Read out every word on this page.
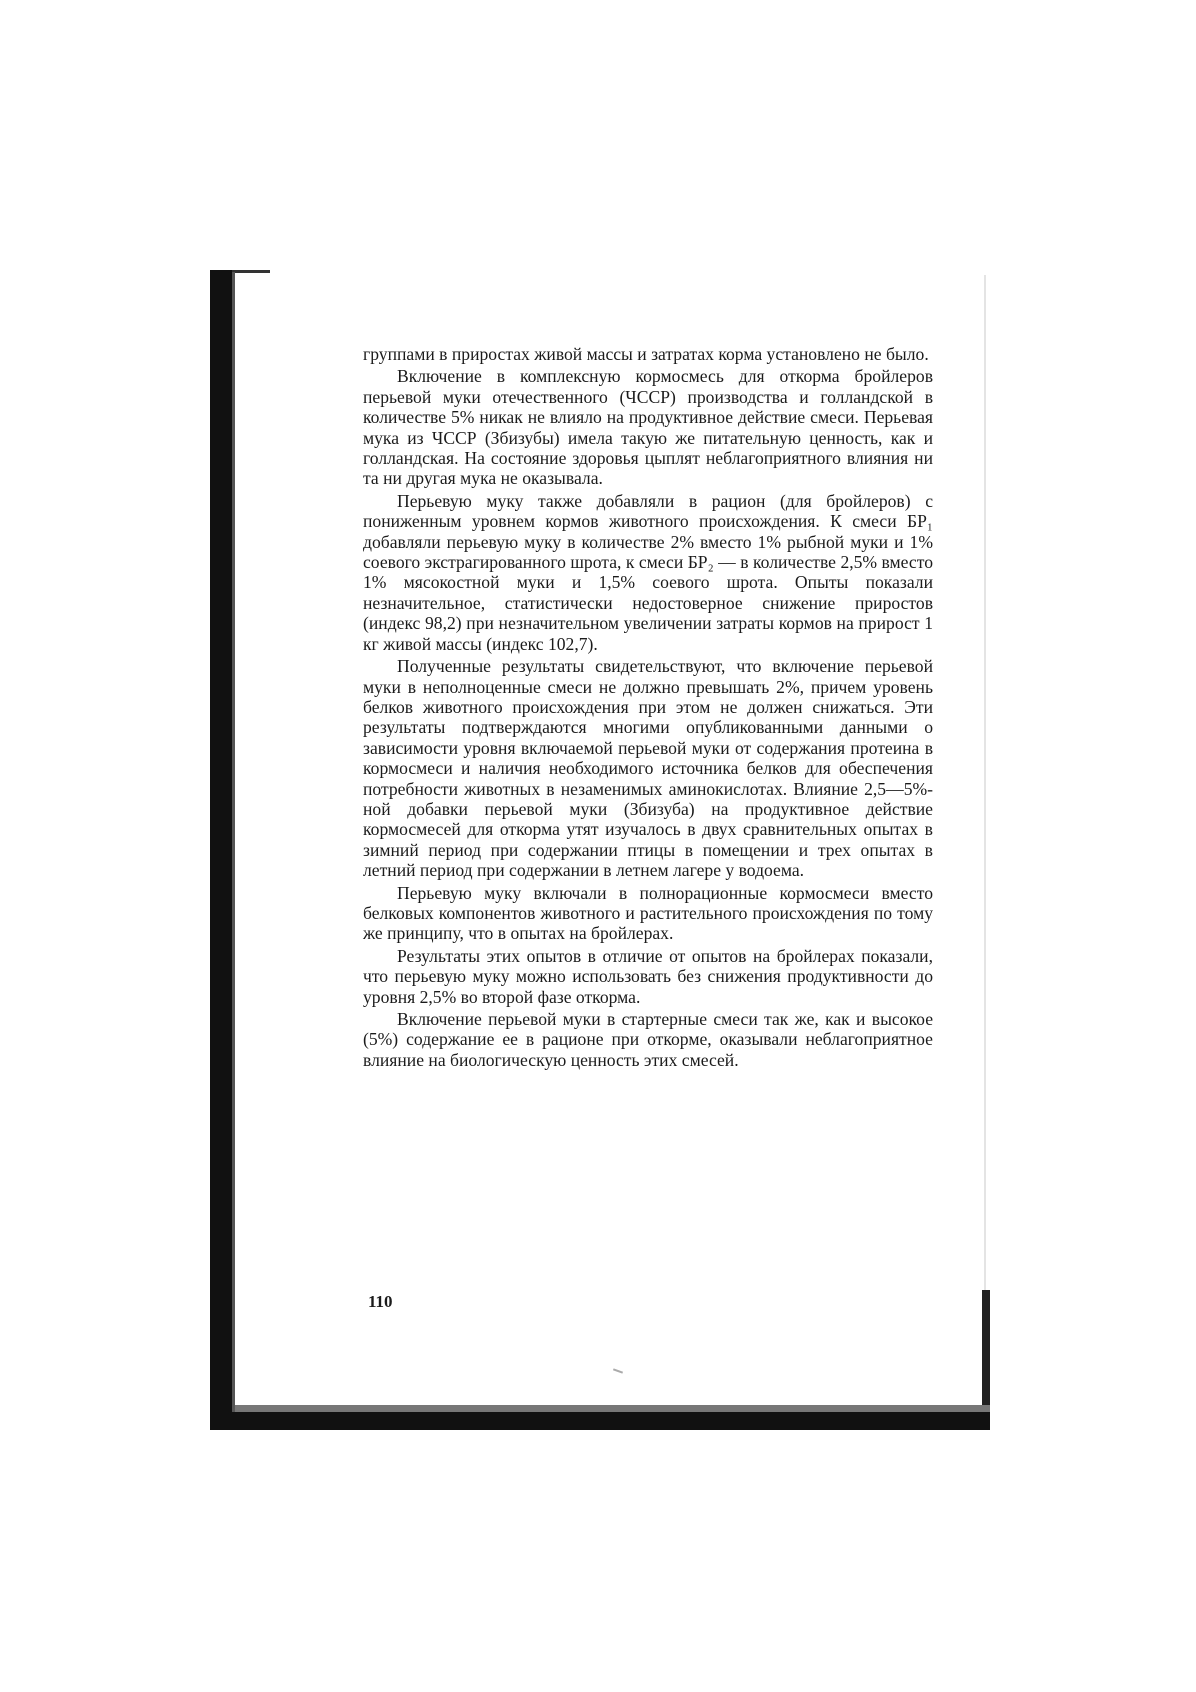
группами в приростах живой массы и затратах корма установлено не было.

Включение в комплексную кормосмесь для откорма бройлеров перьевой муки отечественного (ЧССР) производства и голландской в количестве 5% никак не влияло на продуктивное действие смеси. Перьевая мука из ЧССР (Збизубы) имела такую же питательную ценность, как и голландская. На состояние здоровья цыплят неблагоприятного влияния ни та ни другая мука не оказывала.

Перьевую муку также добавляли в рацион (для бройлеров) с пониженным уровнем кормов животного происхождения. К смеси БР₁ добавляли перьевую муку в количестве 2% вместо 1% рыбной муки и 1% соевого экстрагированного шрота, к смеси БР₂ — в количестве 2,5% вместо 1% мясокостной муки и 1,5% соевого шрота. Опыты показали незначительное, статистически недостоверное снижение приростов (индекс 98,2) при незначительном увеличении затраты кормов на прирост 1 кг живой массы (индекс 102,7).

Полученные результаты свидетельствуют, что включение перьевой муки в неполноценные смеси не должно превышать 2%, причем уровень белков животного происхождения при этом не должен снижаться. Эти результаты подтверждаются многими опубликованными данными о зависимости уровня включаемой перьевой муки от содержания протеина в кормосмеси и наличия необходимого источника белков для обеспечения потребности животных в незаменимых аминокислотах. Влияние 2,5—5%-ной добавки перьевой муки (Збизуба) на продуктивное действие кормосмесей для откорма утят изучалось в двух сравнительных опытах в зимний период при содержании птицы в помещении и трех опытах в летний период при содержании в летнем лагере у водоема.

Перьевую муку включали в полнорационные кормосмеси вместо белковых компонентов животного и растительного происхождения по тому же принципу, что в опытах на бройлерах.

Результаты этих опытов в отличие от опытов на бройлерах показали, что перьевую муку можно использовать без снижения продуктивности до уровня 2,5% во второй фазе откорма.

Включение перьевой муки в стартерные смеси так же, как и высокое (5%) содержание ее в рационе при откорме, оказывали неблагоприятное влияние на биологическую ценность этих смесей.

110
